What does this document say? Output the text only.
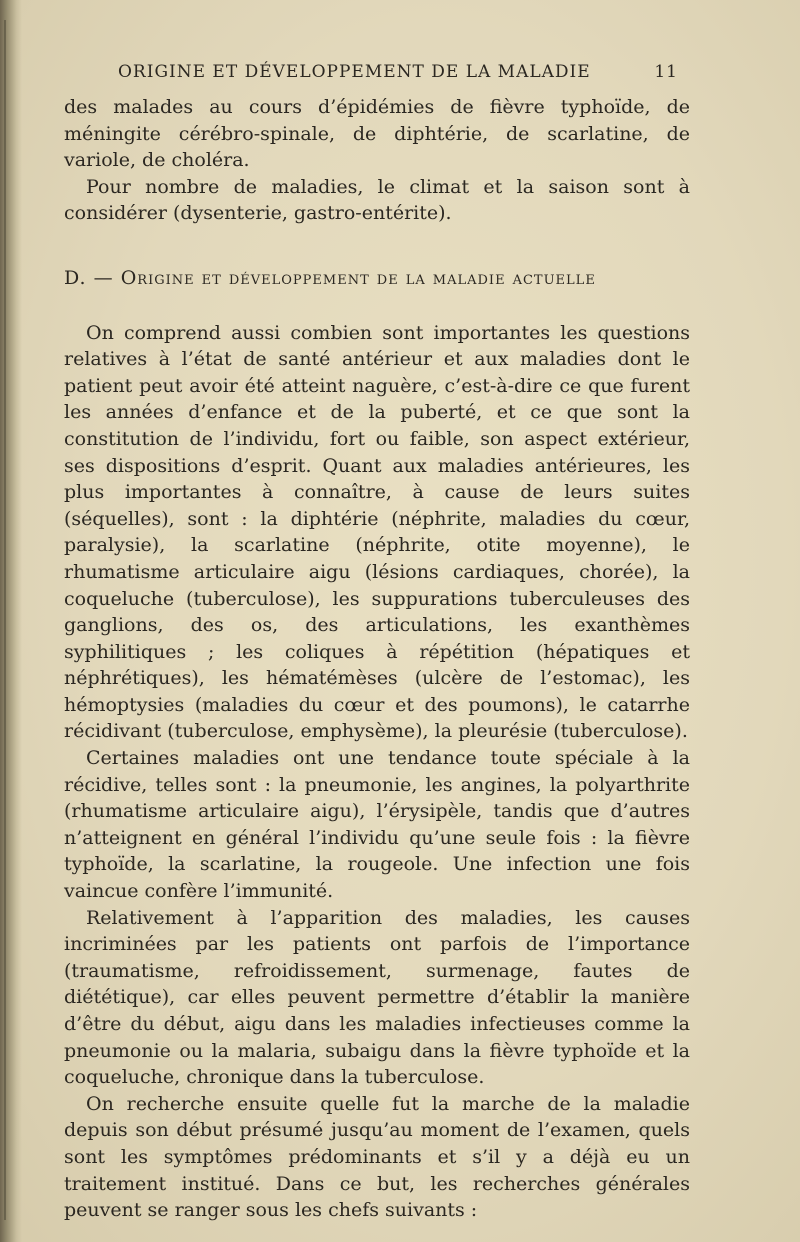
ORIGINE ET DÉVELOPPEMENT DE LA MALADIE	11

des malades au cours d’épidémies de fièvre typhoïde, de méningite cérébro-spinale, de diphtérie, de scarlatine, de variole, de choléra.

Pour nombre de maladies, le climat et la saison sont à considérer (dysenterie, gastro-entérite).

D. — Origine et développement de la maladie actuelle

On comprend aussi combien sont importantes les questions relatives à l’état de santé antérieur et aux maladies dont le patient peut avoir été atteint naguère, c’est-à-dire ce que furent les années d’enfance et de la puberté, et ce que sont la constitution de l’individu, fort ou faible, son aspect extérieur, ses dispositions d’esprit. Quant aux maladies antérieures, les plus importantes à connaître, à cause de leurs suites (séquelles), sont : la diphtérie (néphrite, maladies du cœur, paralysie), la scarlatine (néphrite, otite moyenne), le rhumatisme articulaire aigu (lésions cardiaques, chorée), la coqueluche (tuberculose), les suppurations tuberculeuses des ganglions, des os, des articulations, les exanthèmes syphilitiques ; les coliques à répétition (hépatiques et néphrétiques), les hématémèses (ulcère de l’estomac), les hémoptysies (maladies du cœur et des poumons), le catarrhe récidivant (tuberculose, emphysème), la pleurésie (tuberculose).

Certaines maladies ont une tendance toute spéciale à la récidive, telles sont : la pneumonie, les angines, la polyarthrite (rhumatisme articulaire aigu), l’érysipèle, tandis que d’autres n’atteignent en général l’individu qu’une seule fois : la fièvre typhoïde, la scarlatine, la rougeole. Une infection une fois vaincue confère l’immunité.

Relativement à l’apparition des maladies, les causes incriminées par les patients ont parfois de l’importance (traumatisme, refroidissement, surmenage, fautes de diététique), car elles peuvent permettre d’établir la manière d’être du début, aigu dans les maladies infectieuses comme la pneumonie ou la malaria, subaigu dans la fièvre typhoïde et la coqueluche, chronique dans la tuberculose.

On recherche ensuite quelle fut la marche de la maladie depuis son début présumé jusqu’au moment de l’examen, quels sont les symptômes prédominants et s’il y a déjà eu un traitement institué. Dans ce but, les recherches générales peuvent se ranger sous les chefs suivants :
